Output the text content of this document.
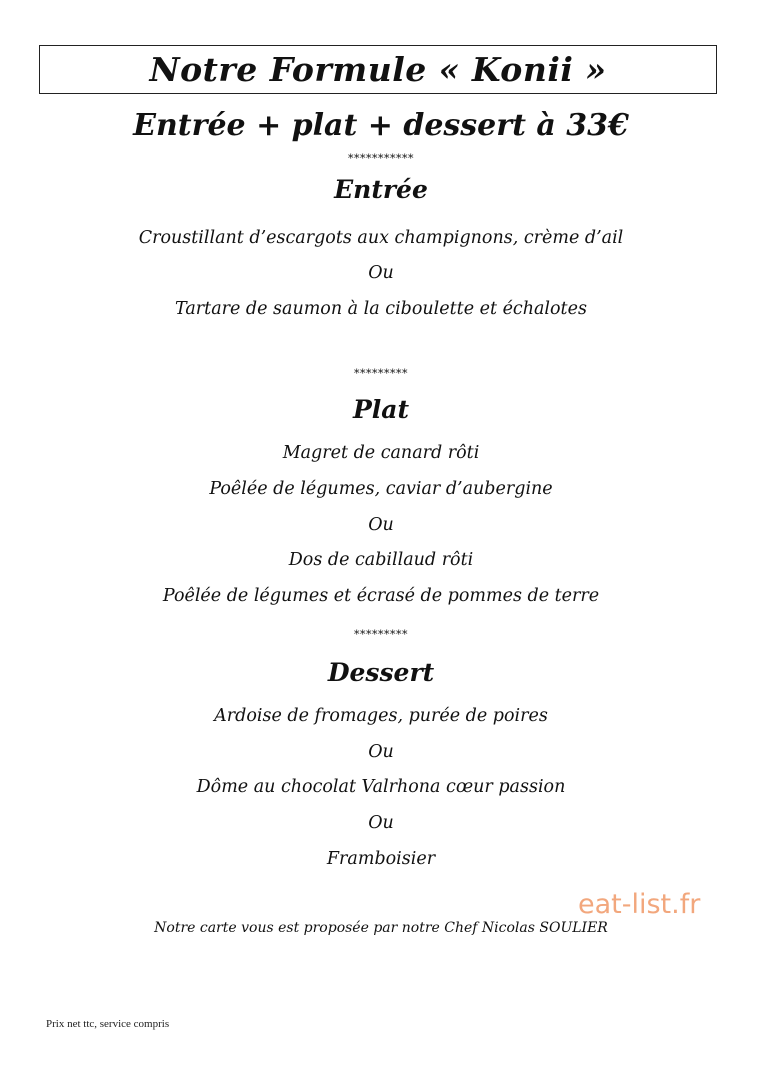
Notre Formule « Konii »
Entrée + plat + dessert à 33€
***********
Entrée
Croustillant d’escargots aux champignons, crème d’ail
Ou
Tartare de saumon à la ciboulette et échalotes
*********
Plat
Magret de canard rôti
Poêlée de légumes, caviar d’aubergine
Ou
Dos de cabillaud rôti
Poêlée de légumes et écrasé de pommes de terre
*********
Dessert
Ardoise de fromages, purée de poires
Ou
Dôme au chocolat Valrhona cœur passion
Ou
Framboisier
eat-list.fr
Notre carte vous est proposée par notre Chef Nicolas SOULIER
Prix net ttc, service compris
